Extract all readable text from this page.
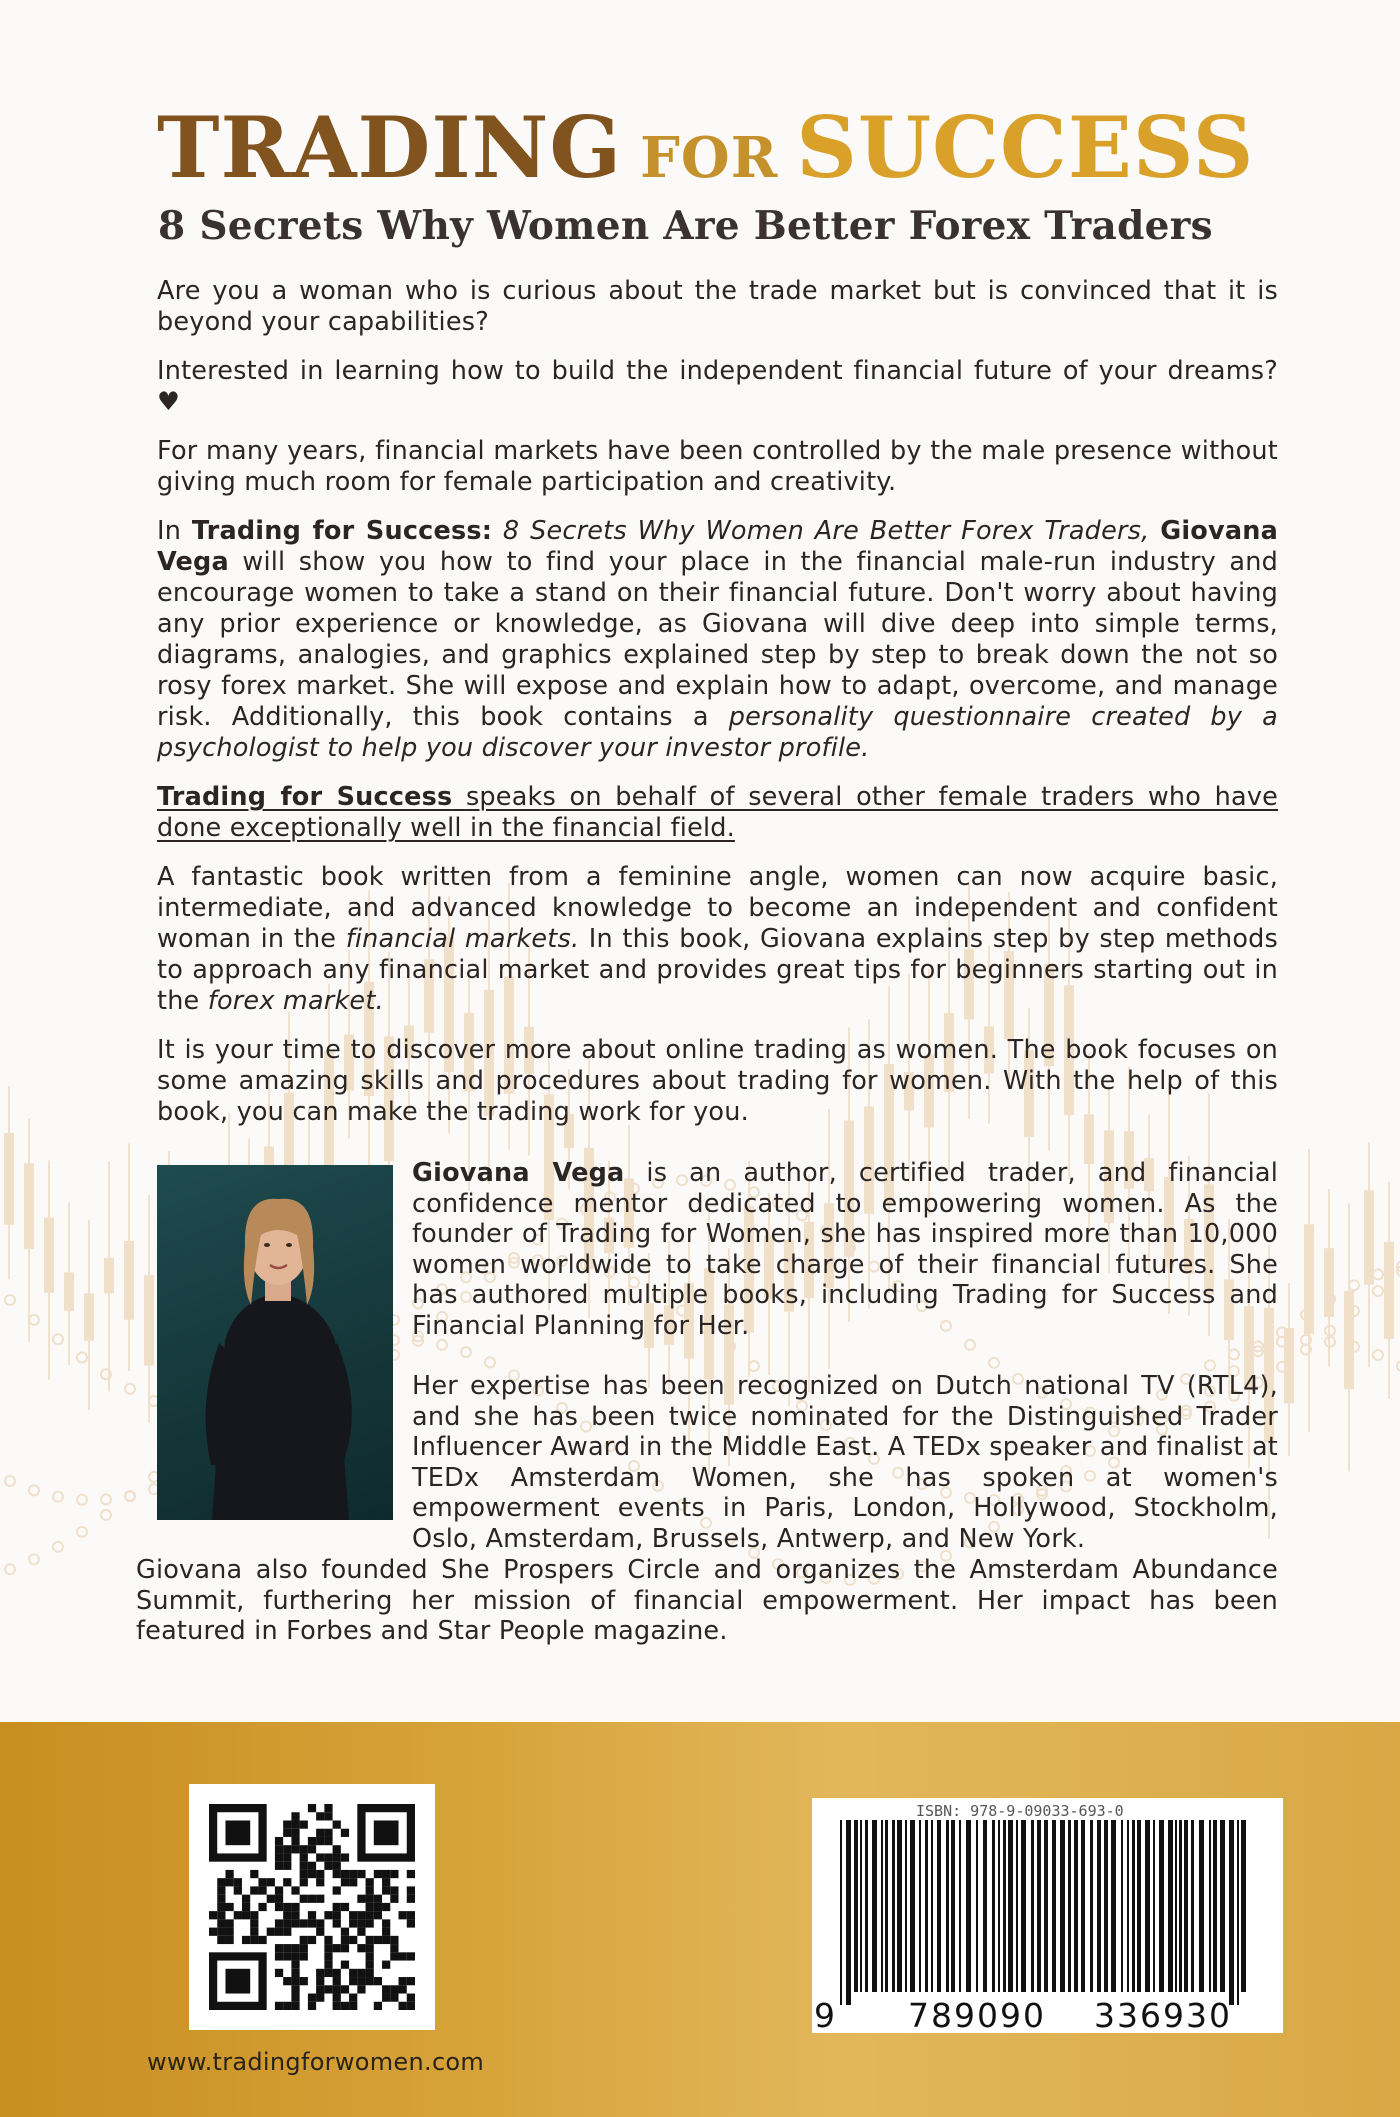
TRADING FOR SUCCESS
8 Secrets Why Women Are Better Forex Traders

Are you a woman who is curious about the trade market but is convinced that it is beyond your capabilities?

Interested in learning how to build the independent financial future of your dreams? ♥

For many years, financial markets have been controlled by the male presence without giving much room for female participation and creativity.

In Trading for Success: 8 Secrets Why Women Are Better Forex Traders, Giovana Vega will show you how to find your place in the financial male-run industry and encourage women to take a stand on their financial future. Don't worry about having any prior experience or knowledge, as Giovana will dive deep into simple terms, diagrams, analogies, and graphics explained step by step to break down the not so rosy forex market. She will expose and explain how to adapt, overcome, and manage risk. Additionally, this book contains a personality questionnaire created by a psychologist to help you discover your investor profile.

Trading for Success speaks on behalf of several other female traders who have done exceptionally well in the financial field.

A fantastic book written from a feminine angle, women can now acquire basic, intermediate, and advanced knowledge to become an independent and confident woman in the financial markets. In this book, Giovana explains step by step methods to approach any financial market and provides great tips for beginners starting out in the forex market.

It is your time to discover more about online trading as women. The book focuses on some amazing skills and procedures about trading for women. With the help of this book, you can make the trading work for you.

Giovana Vega is an author, certified trader, and financial confidence mentor dedicated to empowering women. As the founder of Trading for Women, she has inspired more than 10,000 women worldwide to take charge of their financial futures. She has authored multiple books, including Trading for Success and Financial Planning for Her.

Her expertise has been recognized on Dutch national TV (RTL4), and she has been twice nominated for the Distinguished Trader Influencer Award in the Middle East. A TEDx speaker and finalist at TEDx Amsterdam Women, she has spoken at women's empowerment events in Paris, London, Hollywood, Stockholm, Oslo, Amsterdam, Brussels, Antwerp, and New York.

Giovana also founded She Prospers Circle and organizes the Amsterdam Abundance Summit, furthering her mission of financial empowerment. Her impact has been featured in Forbes and Star People magazine.

www.tradingforwomen.com
ISBN: 978-9-09033-693-0
9 789090 336930
